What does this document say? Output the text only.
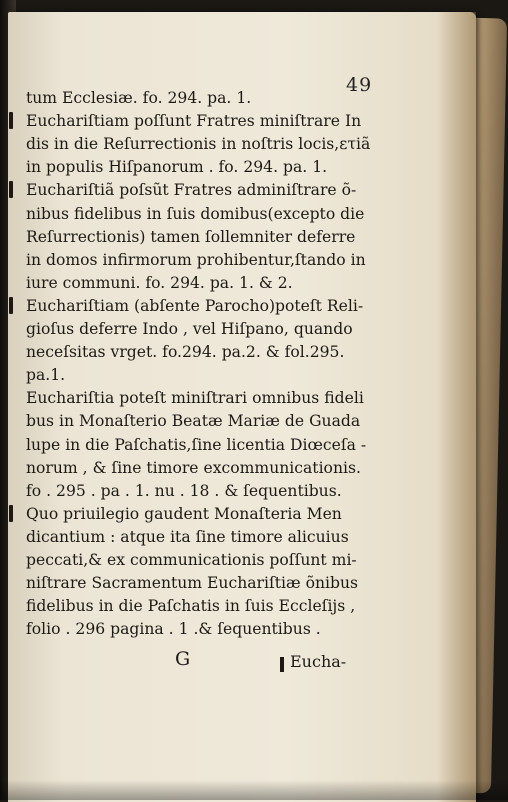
49
tum Ecclesiæ. fo. 294. pa. 1.
Euchariſtiam poſſunt Fratres miniſtrare In
dis in die Reſurrectionis in noſtris locis,ετiã
in populis Hiſpanorum . fo. 294. pa. 1.
Euchariſtiã poſsũt Fratres adminiſtrare õ-
nibus fidelibus in ſuis domibus(excepto die
Reſurrectionis) tamen ſollemniter deferre
in domos infirmorum prohibentur,ſtando in
iure communi. fo. 294. pa. 1. & 2.
Euchariſtiam (abſente Parocho)poteſt Reli-
gioſus deferre Indo , vel Hiſpano, quando
neceſsitas vrget. fo.294. pa.2. & fol.295.
pa.1.
Euchariſtia poteſt miniſtrari omnibus fideli
bus in Monaſterio Beatæ Mariæ de Guada
lupe in die Paſchatis,ſine licentia Diœceſa -
norum , & ſine timore excommunicationis.
fo . 295 . pa . 1. nu . 18 . & ſequentibus.
Quo priuilegio gaudent Monaſteria Men
dicantium : atque ita ſine timore alicuius
peccati,& ex communicationis poſſunt mi-
niſtrare Sacramentum Euchariſtiæ õnibus
fidelibus in die Paſchatis in ſuis Eccleſijs ,
folio . 296 pagina . 1 .& ſequentibus .
G	Eucha-
